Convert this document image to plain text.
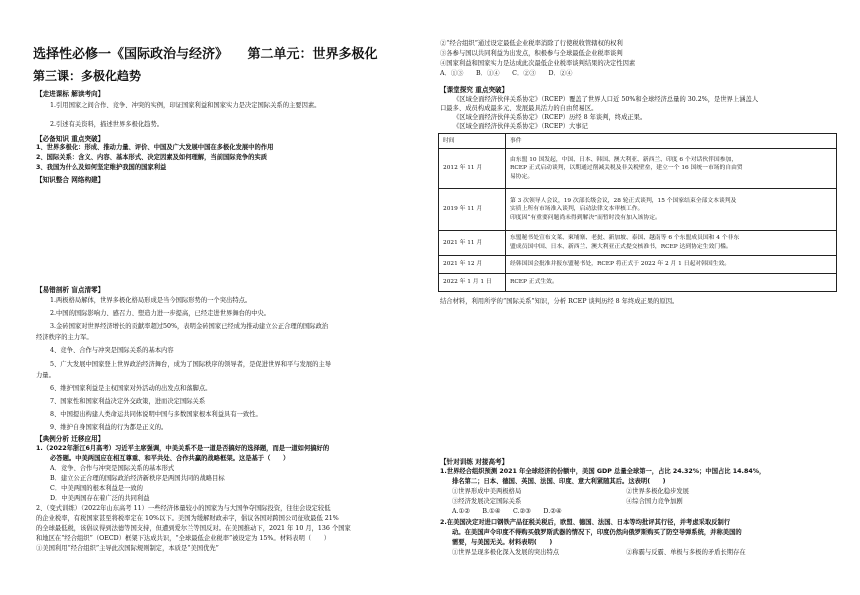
选择性必修一《国际政治与经济》　　第二单元：世界多极化
第三课：多极化趋势
【走进课标 解读考向】
1.引用国家之间合作、竞争、冲突的实例，印证国家利益和国家实力是决定国际关系的主要因素。
2.引述有关资料，描述世界多极化趋势。
【必备知识 重点突破】
1、世界多极化：形成、推动力量、评价、中国及广大发展中国在多极化发展中的作用
2、国际关系：含义、内容、基本形式、决定因素及如何理解，当前国际竞争的实质
3、我国为什么及如何坚定维护我国的国家利益
【知识整合 网络构建】
【易错剖析 盲点清零】
1.两极格局解体，世界多极化格局形成是当今国际形势的一个突出特点。
2.中国的国际影响力、感召力、塑造力进一步提高，已经走进世界舞台的中央。
3.金砖国家对世界经济增长的贡献率超过50%，表明金砖国家已经成为推动建立公正合理的国际政治
经济秩序的主力军。
4、竞争、合作与冲突是国际关系的基本内容
5、广大发展中国家登上世界政治经济舞台，成为了国际秩序的领导者，是促进世界和平与发展的主导
力量。
6、维护国家利益是主权国家对外活动的出发点和落脚点。
7、国家性和国家利益决定外交政策，进而决定国际关系
8、中国提出构建人类命运共同体说明中国与多数国家根本利益具有一致性。
9、维护自身国家利益的行为都是正义的。
【典例分析 迁移应用】
1.（2022年浙江6月高考）习近平主席强调，中美关系不是一道是否搞好的选择题，而是一道如何搞好的
必答题。中美两国应在相互尊重、和平共处、合作共赢的战略框架。这是基于（　　）
A．竞争、合作与冲突是国际关系的基本形式
B．建立公正合理的国际政治经济新秩序是两国共同的战略目标
C．中美两国的根本利益是一致的
D．中美两国存在着广泛的共同利益
2、（变式训练）（2022年山东高考 11）一些经济体量较小的国家为与大国争夺国际投资，往往会设定较低
的企业税率，有税国家甚至将税率定在 10%以下。美国为缓解财政赤字，倡议各国对跨国公司征收最低 21%
的全球最低税，该倡议得到法德等国支持，但遭到爱尔兰等国反对。在美国推动下，2021 年 10 月，136 个国家
和地区在“经合组织”（OECD）框架下达成共识，“全球最低企业税率”被设定为 15%。材料表明（　　）
①美国利用“经合组织”主导此次国际规则制定，本质是“美国优先”
②“经合组织”通过设定最低企业税率消除了行使税收管辖权的权利
③各参与国以共同利益为出发点，积极参与全球最低企业税率谈判
④国家利益和国家实力是达成此次最低企业税率谈判结果的决定性因素
A．①③　　B．①④　　C．②③　　D．②④
【课堂探究 重点突破】
《区域全面经济伙伴关系协定》（RCEP）覆盖了世界人口近 50%和全球经济总量的 30.2%，是世界上涵盖人
口最多、成员构成最多元、发展最具活力的自由贸易区。
《区域全面经济伙伴关系协定》（RCEP）历经 8 年谈判，终成正果。
《区域全面经济伙伴关系协定》（RCEP）大事记
时间	事件
2012 年 11 月	由东盟 10 国发起，中国、日本、韩国、澳大利亚、新西兰、印度 6 个对话伙伴国参加，
RCEP 正式启动谈判，以期通过削减关税及非关税壁垒，建立一个 16 国统一市场的自由贸
易协定。

2019 年 11 月	第 3 次领导人会议，19 次部长级会议，28 轮正式谈判，15 个国家结束全部文本谈判及
实质上所有市场准入谈判，启动法律文本审核工作。
印度因“有重要问题尚未得到解决”而暂时没有加入该协定。

2021 年 11 月	东盟秘书处宣布文莱、柬埔寨、老挝、新加坡、泰国、越南等 6 个东盟成员国和 4 个非东
盟成员国中国、日本、新西兰、澳大利亚正式提交核准书，RCEP 达到协定生效门槛。

2021 年 12 月	经韩国国会批准并报东盟秘书处，RCEP 将正式于 2022 年 2 月 1 日起对韩国生效。

2022 年 1 月 1 日	RCEP 正式生效。
结合材料，利用所学的“国际关系”知识，分析 RCEP 谈判历经 8 年终成正果的原因。
【针对训练 对接高考】
1.世界经合组织预测 2021 年全球经济的份额中，美国 GDP 总量全球第一，占比 24.32%；中国占比 14.84%，
排名第二；日本、德国、英国、法国、印度、意大利紧随其后。这表明(　　)
①世界形成中美两极格局	②世界多极化稳步发展
③经济发展决定国际关系	④综合国力竞争加剧
A.①②　　B.①④　　C.②③　　D.②④
2.在美国决定对进口钢铁产品征税关税后，欧盟、德国、法国、日本等均批评其行径，并考虑采取反制行
动。在美国声令印度不得购买俄罗斯武器的情况下，印度仍然向俄罗斯购买了防空导弹系统，并称美国的
需要，与美国无关。材料表明(　　)
①世界呈现多极化深入发展的突出特点	②称霸与反霸、单极与多极的矛盾长期存在
